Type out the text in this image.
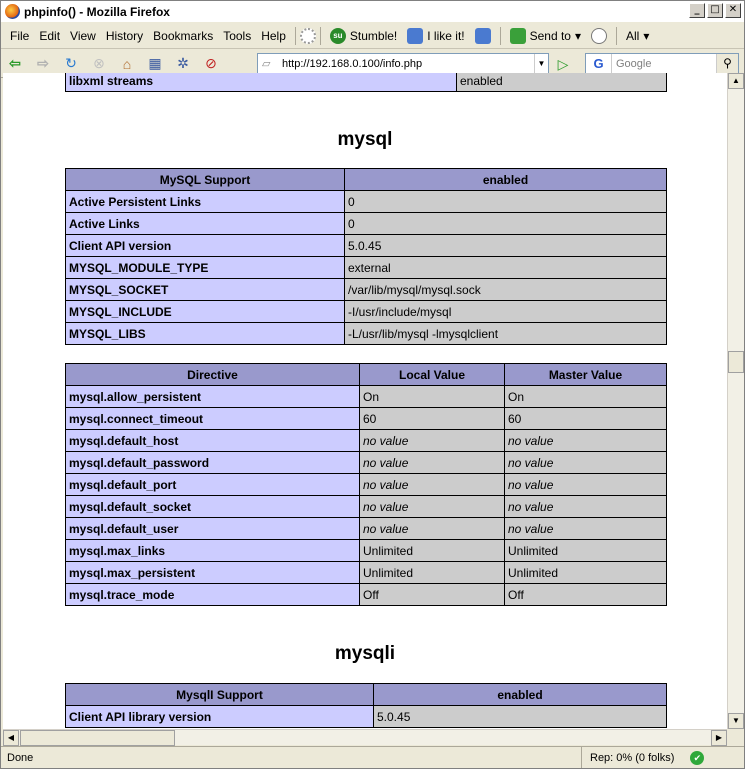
phpinfo() - Mozilla Firefox	_	□ ✕
File Edit View History Bookmarks Tools Help	su Stumble!	I like it!	Send to ▾	All ▾
⇦ ⇨ ↻ ⊗	⌂	▦ ✲ ⊘	▱	http://192.168.0.100/info.php	▼ ▷	G	Google	⚲
libxml streams	enabled
mysql
MySQL Support	enabled
Active Persistent Links	0
Active Links	0
Client API version	5.0.45
MYSQL_MODULE_TYPE	external
MYSQL_SOCKET	/var/lib/mysql/mysql.sock
MYSQL_INCLUDE	-I/usr/include/mysql
MYSQL_LIBS	-L/usr/lib/mysql -lmysqlclient
Directive	Local Value	Master Value
mysql.allow_persistent	On	On
mysql.connect_timeout	60	60
mysql.default_host	no value	no value
mysql.default_password	no value	no value
mysql.default_port	no value	no value
mysql.default_socket	no value	no value
mysql.default_user	no value	no value
mysql.max_links	Unlimited	Unlimited
mysql.max_persistent	Unlimited	Unlimited
mysql.trace_mode	Off	Off
mysqli
MysqlI Support	enabled
Client API library version	5.0.45
▲
▼
◀	▶
Done	Rep: 0% (0 folks)	✔
